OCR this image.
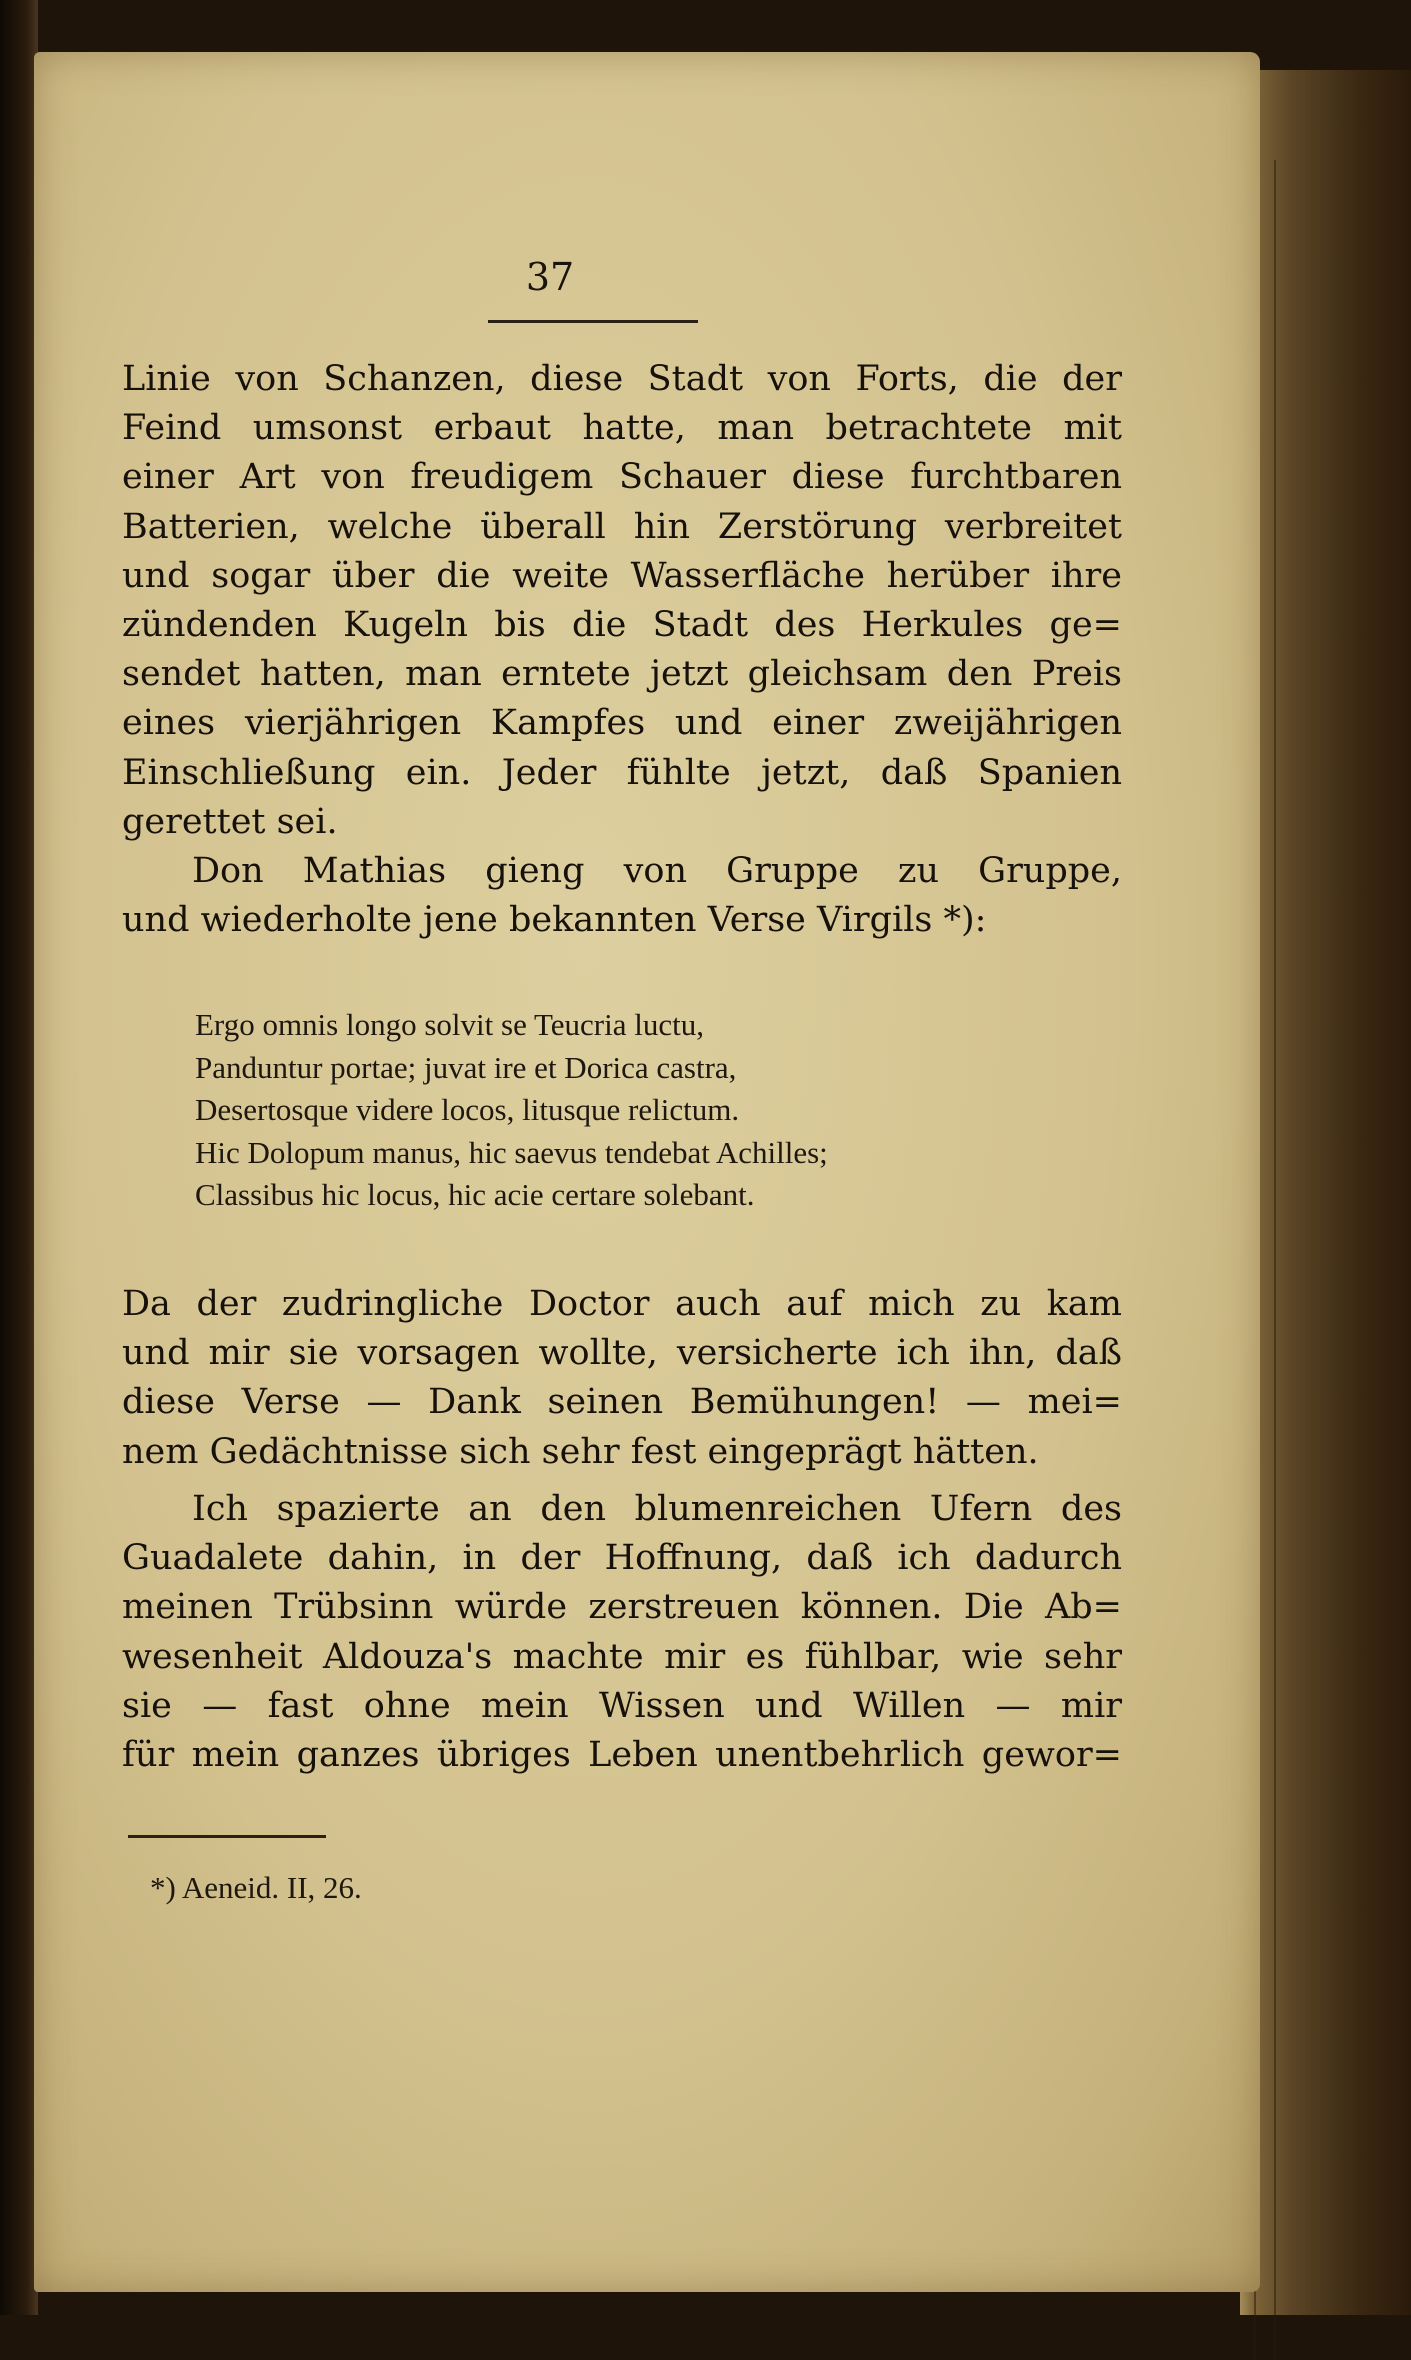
37
Linie von Schanzen, diese Stadt von Forts, die der
Feind umsonst erbaut hatte, man betrachtete mit
einer Art von freudigem Schauer diese furchtbaren
Batterien, welche überall hin Zerstörung verbreitet
und sogar über die weite Wasserfläche herüber ihre
zündenden Kugeln bis die Stadt des Herkules ge=
sendet hatten, man erntete jetzt gleichsam den Preis
eines vierjährigen Kampfes und einer zweijährigen
Einschließung ein. Jeder fühlte jetzt, daß Spanien
gerettet sei.
Don Mathias gieng von Gruppe zu Gruppe,
und wiederholte jene bekannten Verse Virgils *):
Ergo omnis longo solvit se Teucria luctu,
Panduntur portae; juvat ire et Dorica castra,
Desertosque videre locos, litusque relictum.
Hic Dolopum manus, hic saevus tendebat Achilles;
Classibus hic locus, hic acie certare solebant.
Da der zudringliche Doctor auch auf mich zu kam
und mir sie vorsagen wollte, versicherte ich ihn, daß
diese Verse — Dank seinen Bemühungen! — mei=
nem Gedächtnisse sich sehr fest eingeprägt hätten.
Ich spazierte an den blumenreichen Ufern des
Guadalete dahin, in der Hoffnung, daß ich dadurch
meinen Trübsinn würde zerstreuen können. Die Ab=
wesenheit Aldouza's machte mir es fühlbar, wie sehr
sie — fast ohne mein Wissen und Willen — mir
für mein ganzes übriges Leben unentbehrlich gewor=
*) Aeneid. II, 26.
